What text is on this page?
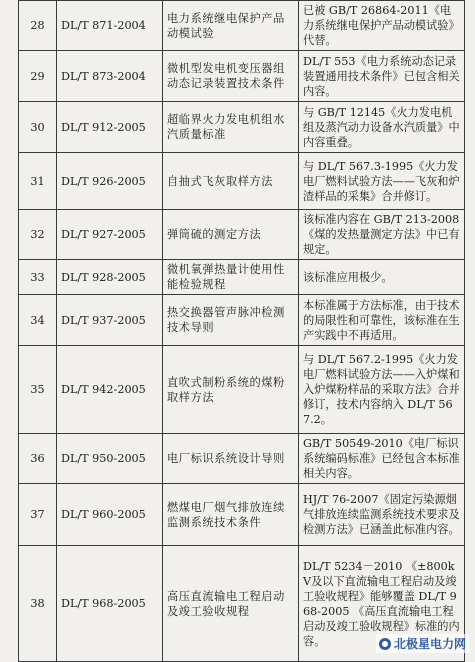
28	DL/T 871-2004	电力系统继电保护产品动模试验	已被 GB/T 26864-2011《电力系统继电保护产品动模试验》代替。
29	DL/T 873-2004	微机型发电机变压器组动态记录装置技术条件	DL/T 553《电力系统动态记录装置通用技术条件》已包含相关内容。
30	DL/T 912-2005	超临界火力发电机组水汽质量标准	与 GB/T 12145《火力发电机组及蒸汽动力设备水汽质量》中内容重叠。
31	DL/T 926-2005	自抽式飞灰取样方法	与 DL/T 567.3-1995《火力发电厂燃料试验方法——飞灰和炉渣样品的采集》合并修订。
32	DL/T 927-2005	弹筒硫的测定方法	该标准内容在 GB/T 213-2008《煤的发热量测定方法》中已有规定。
33	DL/T 928-2005	微机氧弹热量计使用性能检验规程	该标准应用极少。
34	DL/T 937-2005	热交换器管声脉冲检测技术导则	本标准属于方法标准，由于技术的局限性和可靠性，该标准在生产实践中不再适用。
35	DL/T 942-2005	直吹式制粉系统的煤粉取样方法	与 DL/T 567.2-1995《火力发电厂燃料试验方法——入炉煤和入炉煤粉样品的采取方法》合并修订，技术内容纳入 DL/T 567.2。
36	DL/T 950-2005	电厂标识系统设计导则	GB/T 50549-2010《电厂标识系统编码标准》已经包含本标准相关内容。
37	DL/T 960-2005	燃煤电厂烟气排放连续监测系统技术条件	HJ/T 76-2007《固定污染源烟气排放连续监测系统技术要求及检测方法》已涵盖此标准内容。
38	DL/T 968-2005	高压直流输电工程启动及竣工验收规程	DL/T 5234－2010 《±800kV及以下直流输电工程启动及竣工验收规程》能够覆盖 DL/T 968-2005 《高压直流输电工程启动及竣工验收规程》标准的内容。	北极星电力网
